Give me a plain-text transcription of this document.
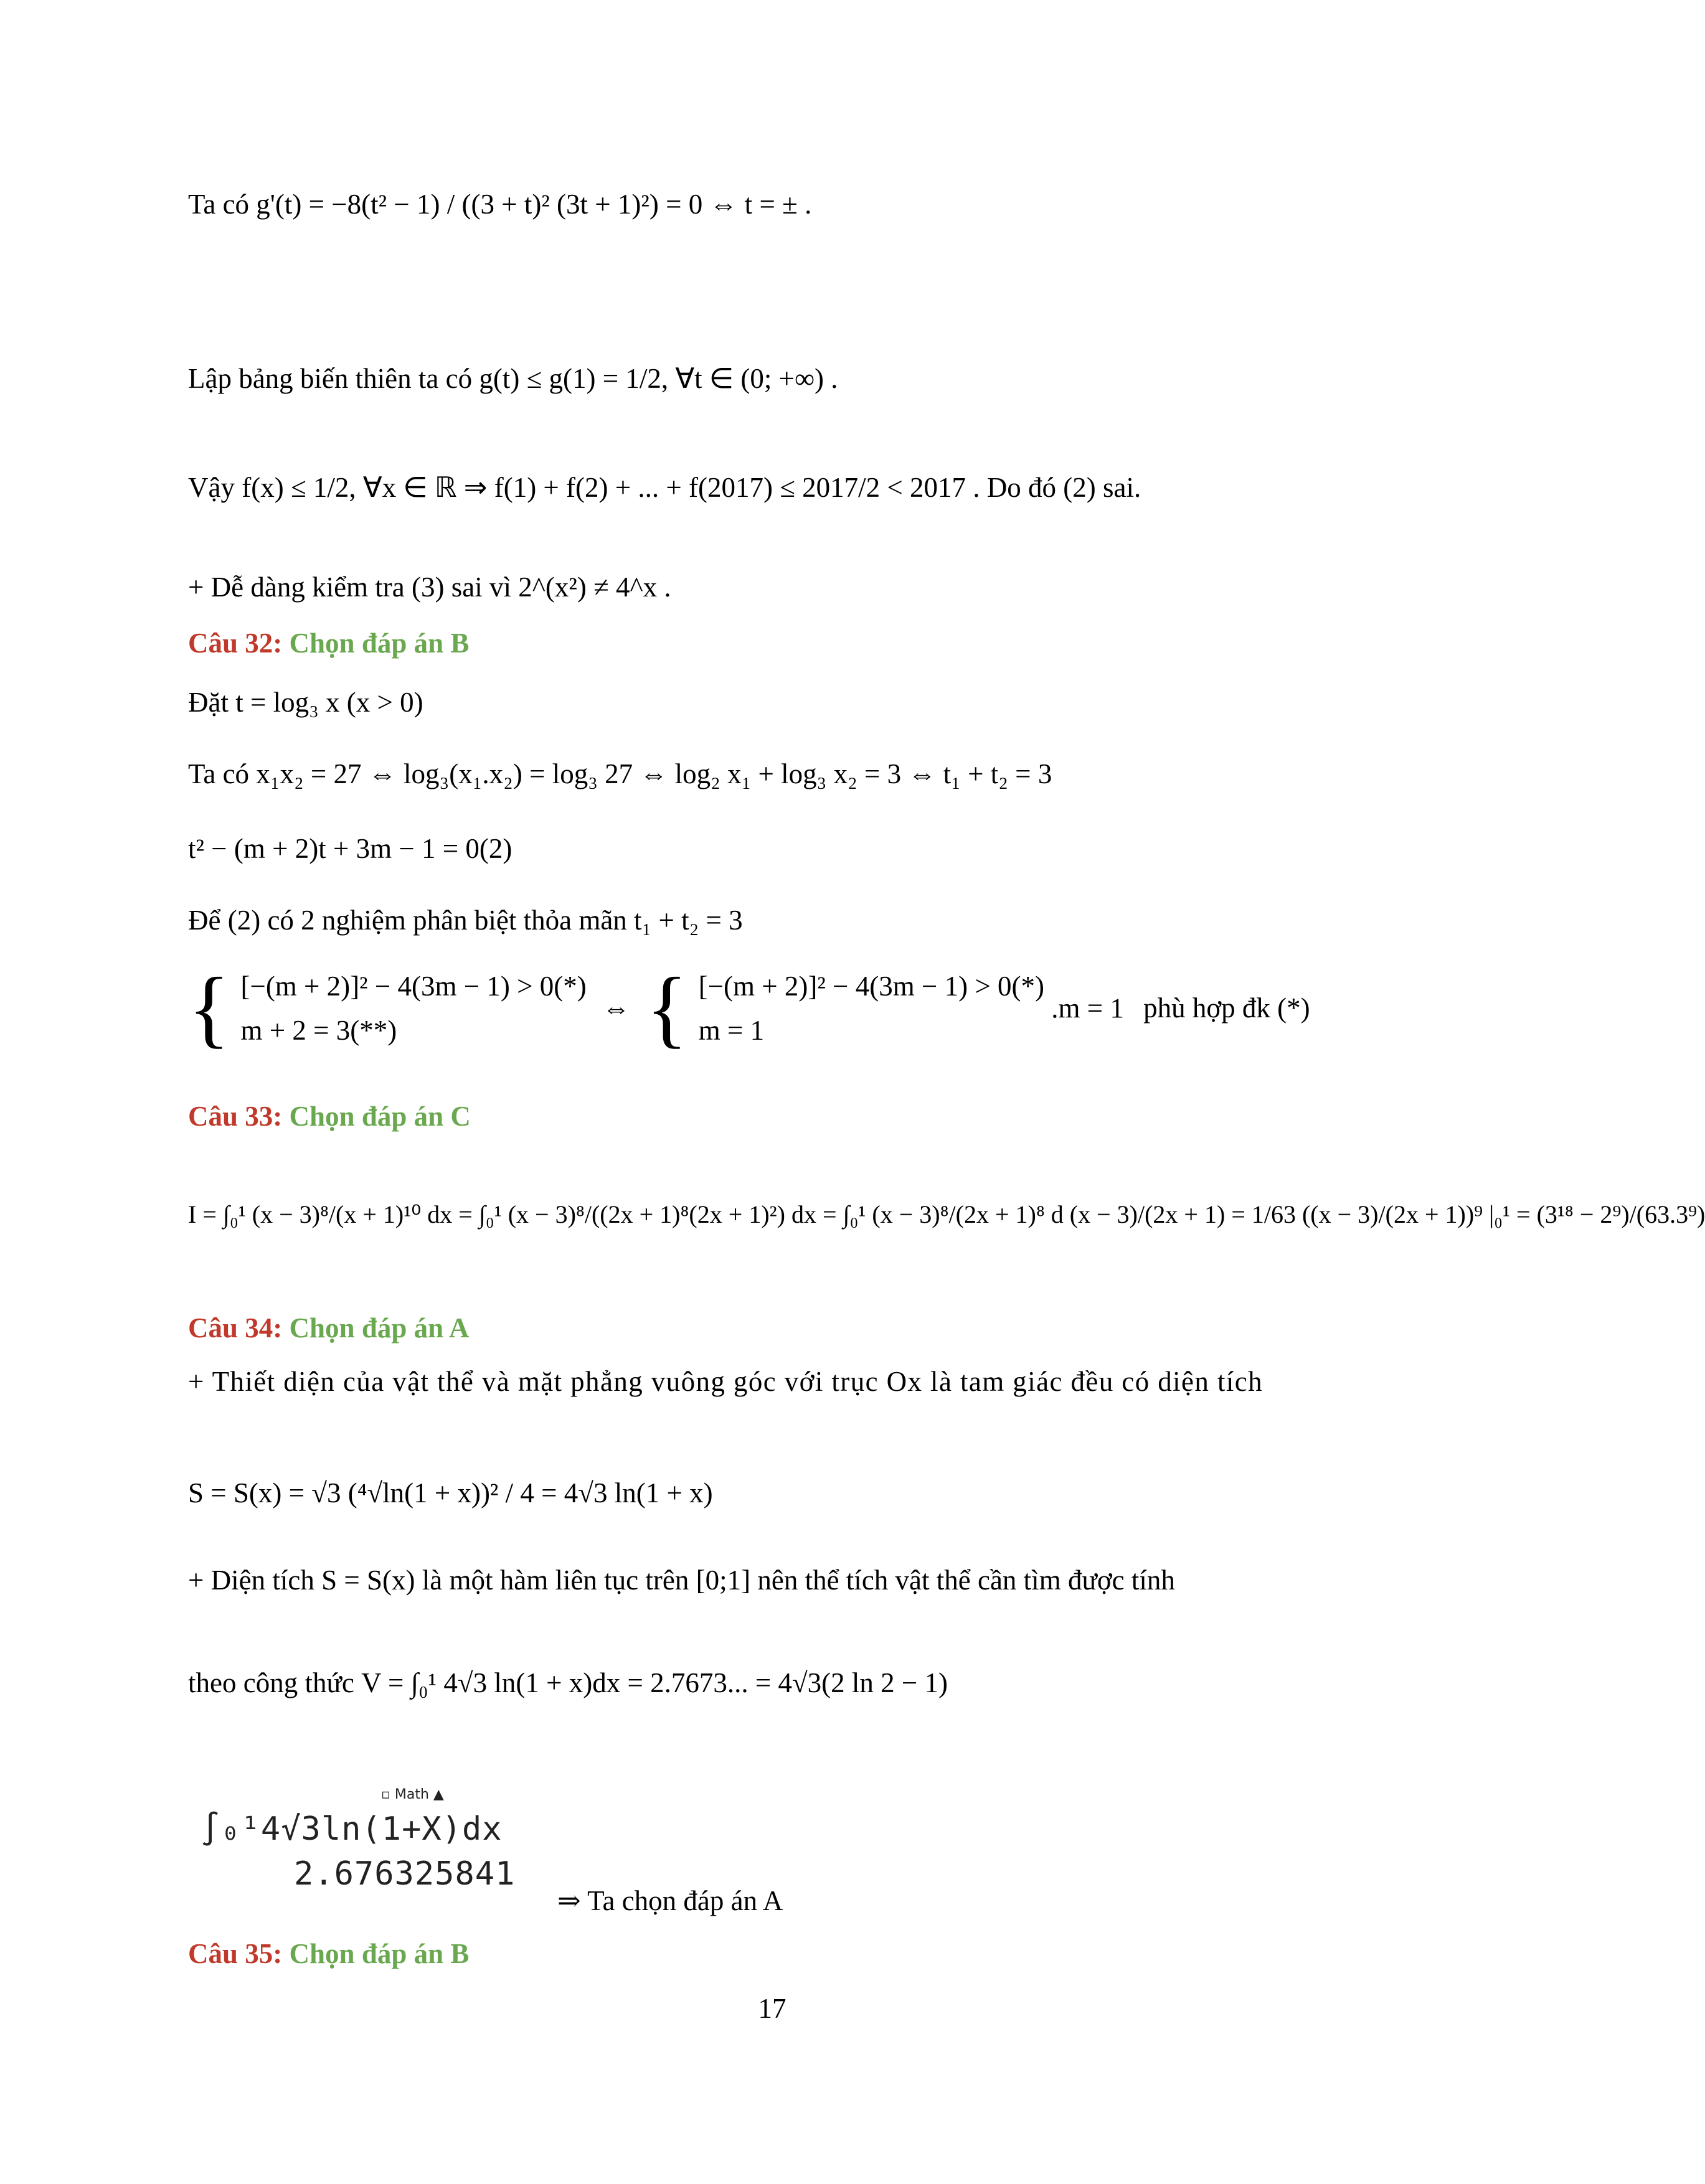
Ta có g'(t) = −8(t² − 1) / ((3 + t)² (3t + 1)²) = 0 ⇔ t = ± .
Lập bảng biến thiên ta có g(t) ≤ g(1) = 1/2, ∀t ∈ (0; +∞) .
Vậy f(x) ≤ 1/2, ∀x ∈ ℝ ⇒ f(1) + f(2) + ... + f(2017) ≤ 2017/2 < 2017 . Do đó (2) sai.
+ Dễ dàng kiểm tra (3) sai vì 2^(x²) ≠ 4^x .
Câu 32: Chọn đáp án B
Đặt t = log₃ x (x > 0)
Ta có x₁x₂ = 27 ⇔ log₃(x₁.x₂) = log₃ 27 ⇔ log₂ x₁ + log₃ x₂ = 3 ⇔ t₁ + t₂ = 3
t² − (m + 2)t + 3m − 1 = 0(2)
Để (2) có 2 nghiệm phân biệt thỏa mãn t₁ + t₂ = 3
{ [−(m + 2)]² − 4(3m − 1) > 0(*)
m + 2 = 3(**)
⇔ { [−(m + 2)]² − 4(3m − 1) > 0(*)
m = 1
.m = 1 phù hợp đk (*)
Câu 33: Chọn đáp án C
I = ∫₀¹ (x − 3)⁸/(x + 1)¹⁰ dx = ∫₀¹ (x − 3)⁸/((2x + 1)⁸(2x + 1)²) dx = ∫₀¹ (x − 3)⁸/(2x + 1)⁸ d (x − 3)/(2x + 1) = 1/63 ((x − 3)/(2x + 1))⁹ |₀¹ = (3¹⁸ − 2⁹)/(63.3⁹)
Câu 34: Chọn đáp án A
+ Thiết diện của vật thể và mặt phẳng vuông góc với trục Ox là tam giác đều có diện tích
S = S(x) = √3 (⁴√ln(1 + x))² / 4 = 4√3 ln(1 + x)
+ Diện tích S = S(x) là một hàm liên tục trên [0;1] nên thể tích vật thể cần tìm được tính
theo công thức V = ∫₀¹ 4√3 ln(1 + x)dx = 2.7673... = 4√3(2 ln 2 − 1)
▫ Math ▲
∫₀¹4√3ln(1+X)dx
2.676325841
⇒ Ta chọn đáp án A
Câu 35: Chọn đáp án B
17
